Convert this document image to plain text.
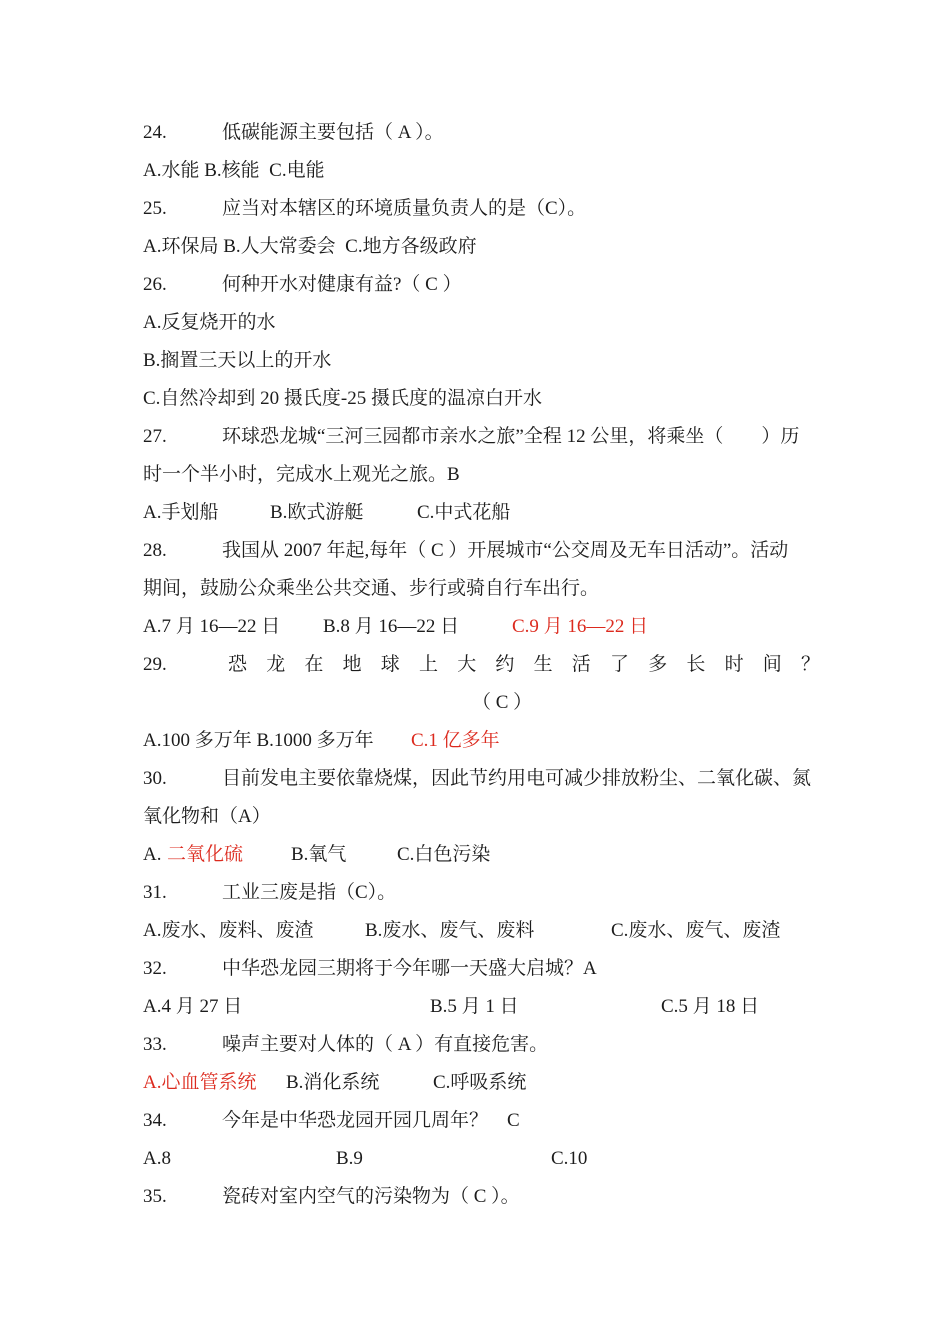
24.	低碳能源主要包括（ A ）。
A.水能 B.核能  C.电能
25.	应当对本辖区的环境质量负责人的是（C）。
A.环保局 B.人大常委会  C.地方各级政府
26.	何种开水对健康有益?（ C ）
A.反复烧开的水
B.搁置三天以上的开水
C.自然冷却到 20 摄氏度-25 摄氏度的温凉白开水
27.	环球恐龙城“三河三园都市亲水之旅”全程 12 公里，将乘坐（　　）历
时一个半小时，完成水上观光之旅。B
A.手划船	B.欧式游艇	C.中式花船
28.	我国从 2007 年起,每年（ C ）开展城市“公交周及无车日活动”。活动
期间，鼓励公众乘坐公共交通、步行或骑自行车出行。
A.7 月 16—22 日 B.8 月 16—22 日	C.9 月 16—22 日
29.	恐 龙 在 地 球 上 大 约 生 活 了 多 长 时 间 ？
（ C ）
A.100 多万年 B.1000 多万年 C.1 亿多年
30.	目前发电主要依靠烧煤，因此节约用电可减少排放粉尘、二氧化碳、氮
氧化物和（A）
A. 二氧化硫	B.氧气	C.白色污染
31.	工业三废是指（C）。
A.废水、废料、废渣	B.废水、废气、废料	C.废水、废气、废渣
32.	中华恐龙园三期将于今年哪一天盛大启城？A
A.4 月 27 日	B.5 月 1 日	C.5 月 18 日
33.	噪声主要对人体的（ A ）有直接危害。
A.心血管系统 B.消化系统	C.呼吸系统
34.	今年是中华恐龙园开园几周年？　C
A.8	B.9	C.10
35.	瓷砖对室内空气的污染物为（ C ）。
